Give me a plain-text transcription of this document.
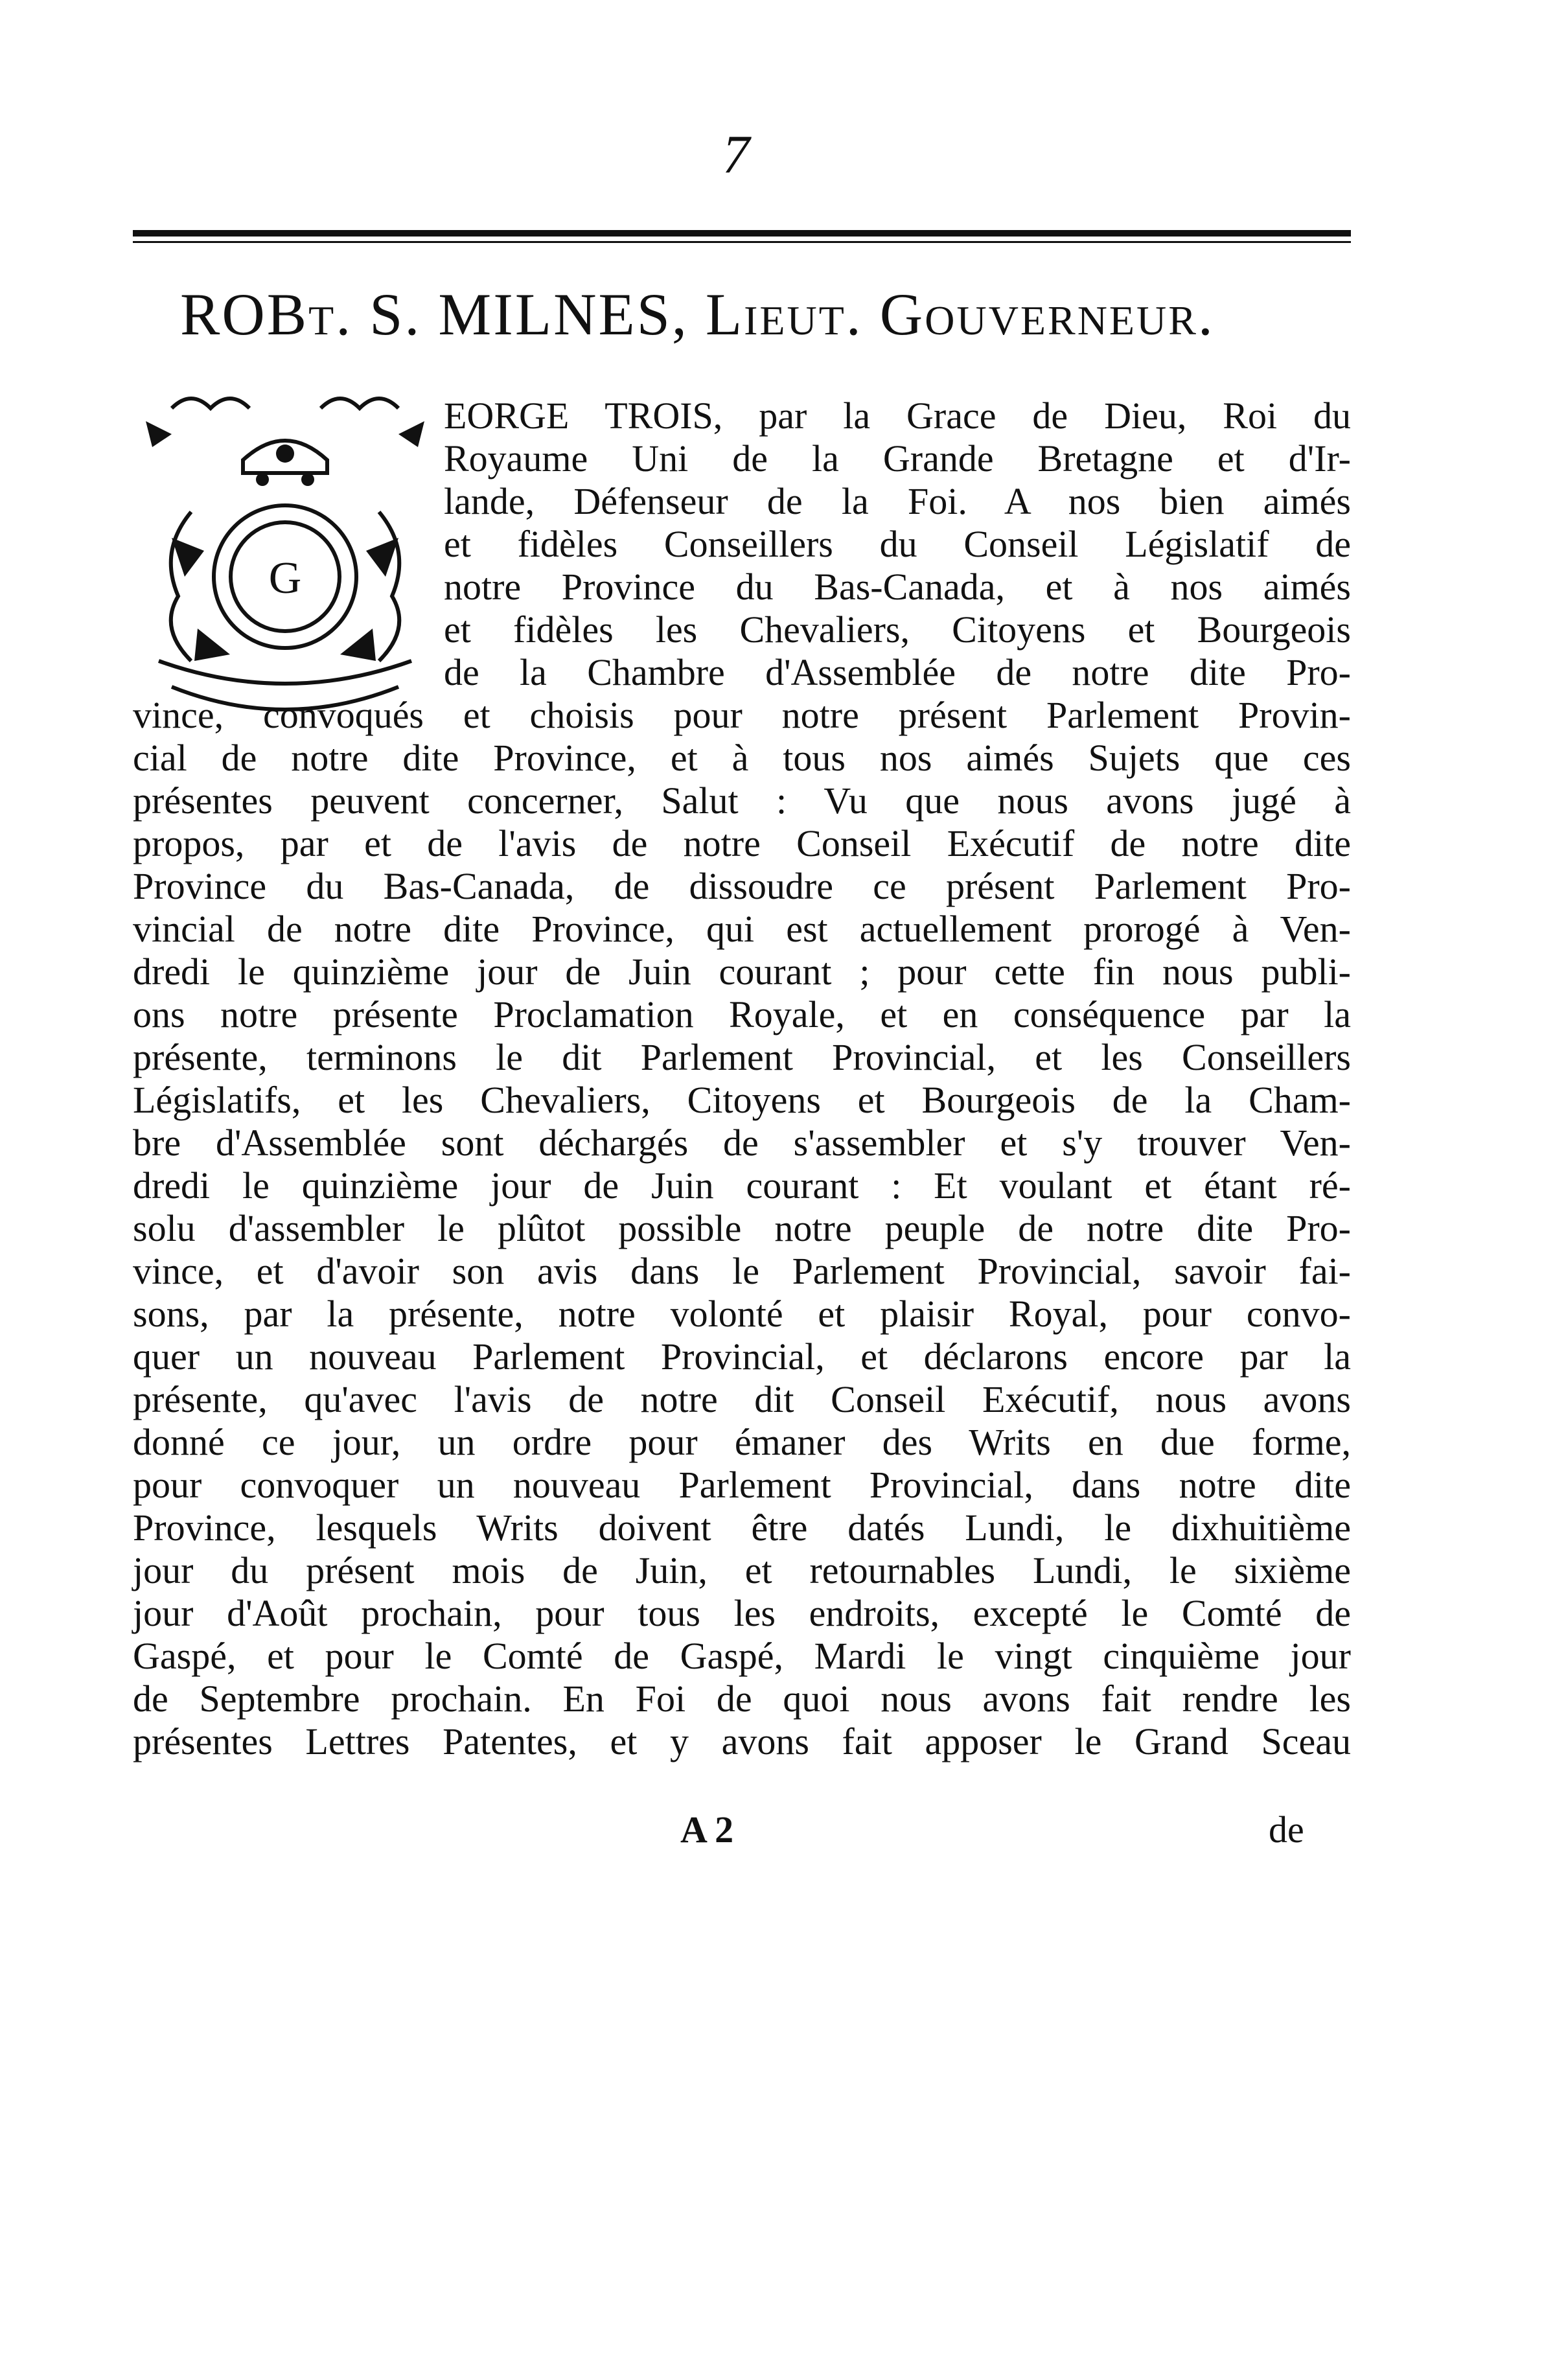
7
ROBT. S. MILNES, LIEUT. GOUVERNEUR.
G
EORGE TROIS, par la Grace de Dieu, Roi du
Royaume Uni de la Grande Bretagne et d'Ir-
lande, Défenseur de la Foi. A nos bien aimés
et fidèles Conseillers du Conseil Législatif de
notre Province du Bas-Canada, et à nos aimés
et fidèles les Chevaliers, Citoyens et Bourgeois
de la Chambre d'Assemblée de notre dite Pro-
vince, convoqués et choisis pour notre présent Parlement Provin-
cial de notre dite Province, et à tous nos aimés Sujets que ces
présentes peuvent concerner, Salut : Vu que nous avons jugé à
propos, par et de l'avis de notre Conseil Exécutif de notre dite
Province du Bas-Canada, de dissoudre ce présent Parlement Pro-
vincial de notre dite Province, qui est actuellement prorogé à Ven-
dredi le quinzième jour de Juin courant ; pour cette fin nous publi-
ons notre présente Proclamation Royale, et en conséquence par la
présente, terminons le dit Parlement Provincial, et les Conseillers
Législatifs, et les Chevaliers, Citoyens et Bourgeois de la Cham-
bre d'Assemblée sont déchargés de s'assembler et s'y trouver Ven-
dredi le quinzième jour de Juin courant : Et voulant et étant ré-
solu d'assembler le plûtot possible notre peuple de notre dite Pro-
vince, et d'avoir son avis dans le Parlement Provincial, savoir fai-
sons, par la présente, notre volonté et plaisir Royal, pour convo-
quer un nouveau Parlement Provincial, et déclarons encore par la
présente, qu'avec l'avis de notre dit Conseil Exécutif, nous avons
donné ce jour, un ordre pour émaner des Writs en due forme,
pour convoquer un nouveau Parlement Provincial, dans notre dite
Province, lesquels Writs doivent être datés Lundi, le dixhuitième
jour du présent mois de Juin, et retournables Lundi, le sixième
jour d'Août prochain, pour tous les endroits, excepté le Comté de
Gaspé, et pour le Comté de Gaspé, Mardi le vingt cinquième jour
de Septembre prochain. En Foi de quoi nous avons fait rendre les
présentes Lettres Patentes, et y avons fait apposer le Grand Sceau
A 2	de
